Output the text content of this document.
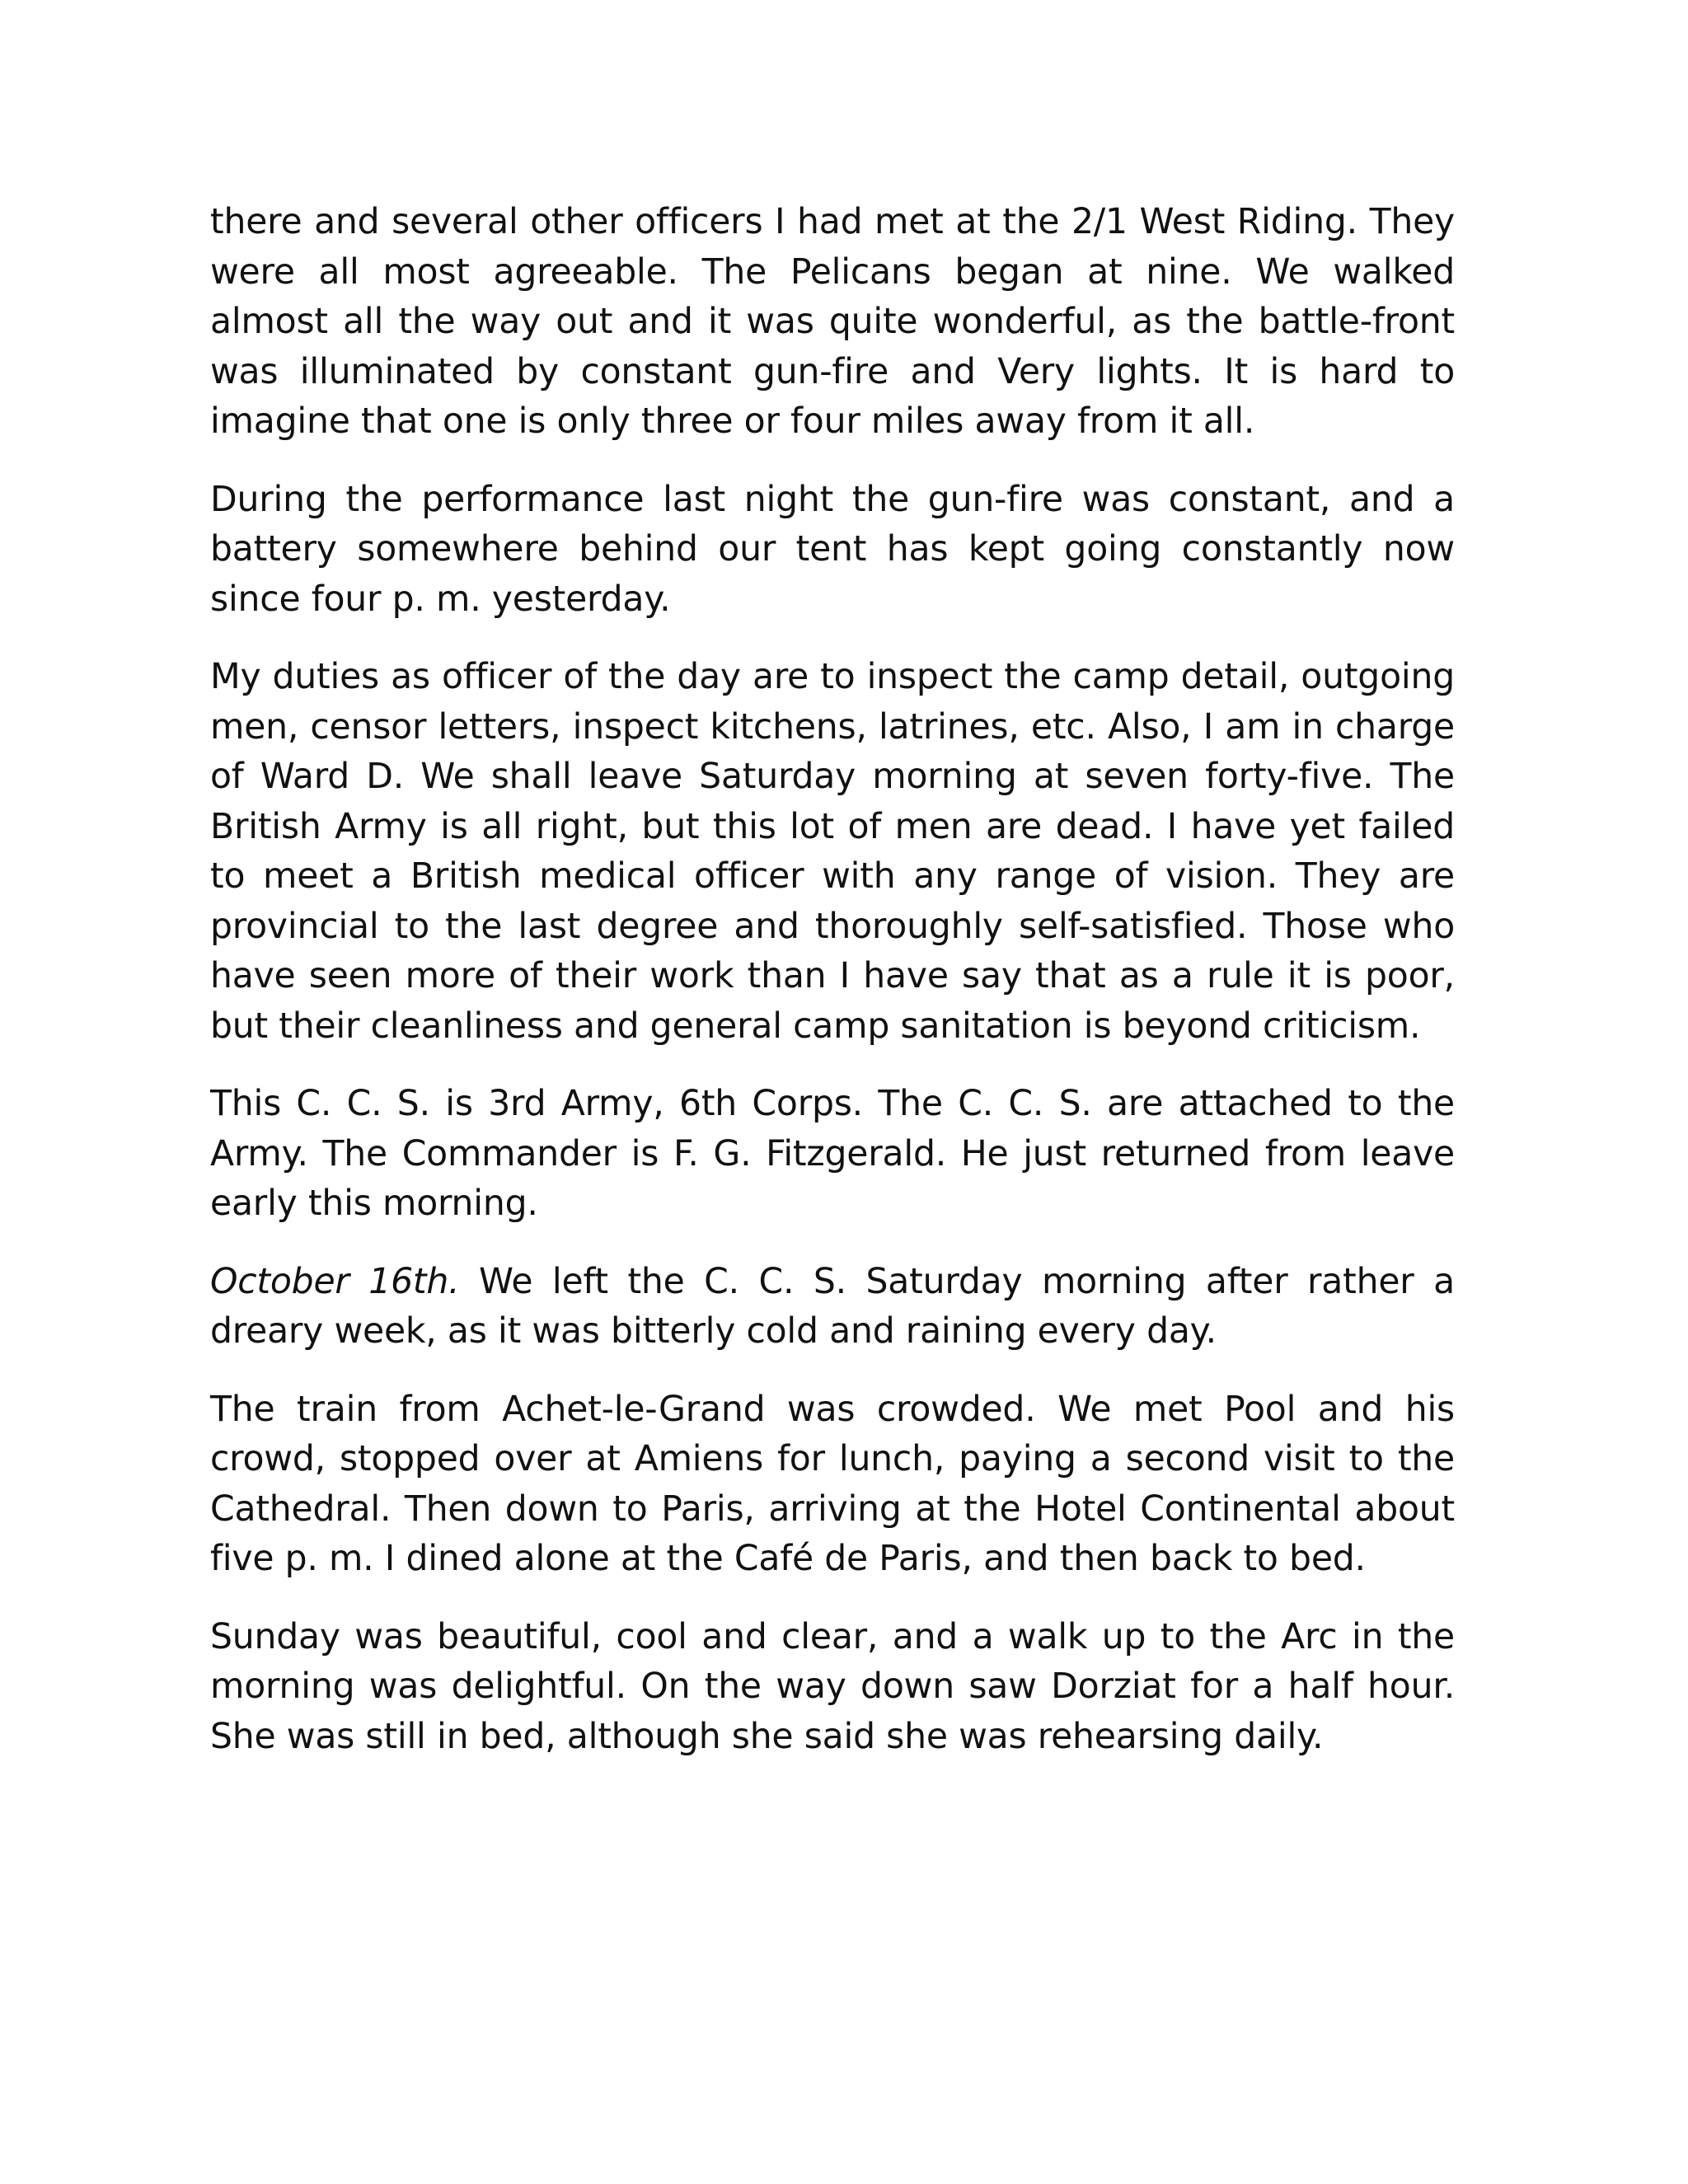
there and several other officers I had met at the 2/1 West Riding. They were all most agreeable. The Pelicans began at nine. We walked almost all the way out and it was quite wonderful, as the battle-front was illuminated by constant gun-fire and Very lights. It is hard to imagine that one is only three or four miles away from it all.

During the performance last night the gun-fire was constant, and a battery somewhere behind our tent has kept going constantly now since four p. m. yesterday.

My duties as officer of the day are to inspect the camp detail, outgoing men, censor letters, inspect kitchens, latrines, etc. Also, I am in charge of Ward D. We shall leave Saturday morning at seven forty-five. The British Army is all right, but this lot of men are dead. I have yet failed to meet a British medical officer with any range of vision. They are provincial to the last degree and thoroughly self-satisfied. Those who have seen more of their work than I have say that as a rule it is poor, but their cleanliness and general camp sanitation is beyond criticism.

This C. C. S. is 3rd Army, 6th Corps. The C. C. S. are attached to the Army. The Commander is F. G. Fitzgerald. He just returned from leave early this morning.

October 16th. We left the C. C. S. Saturday morning after rather a dreary week, as it was bitterly cold and raining every day.

The train from Achet-le-Grand was crowded. We met Pool and his crowd, stopped over at Amiens for lunch, paying a second visit to the Cathedral. Then down to Paris, arriving at the Hotel Continental about five p. m. I dined alone at the Café de Paris, and then back to bed.

Sunday was beautiful, cool and clear, and a walk up to the Arc in the morning was delightful. On the way down saw Dorziat for a half hour. She was still in bed, although she said she was rehearsing daily.
